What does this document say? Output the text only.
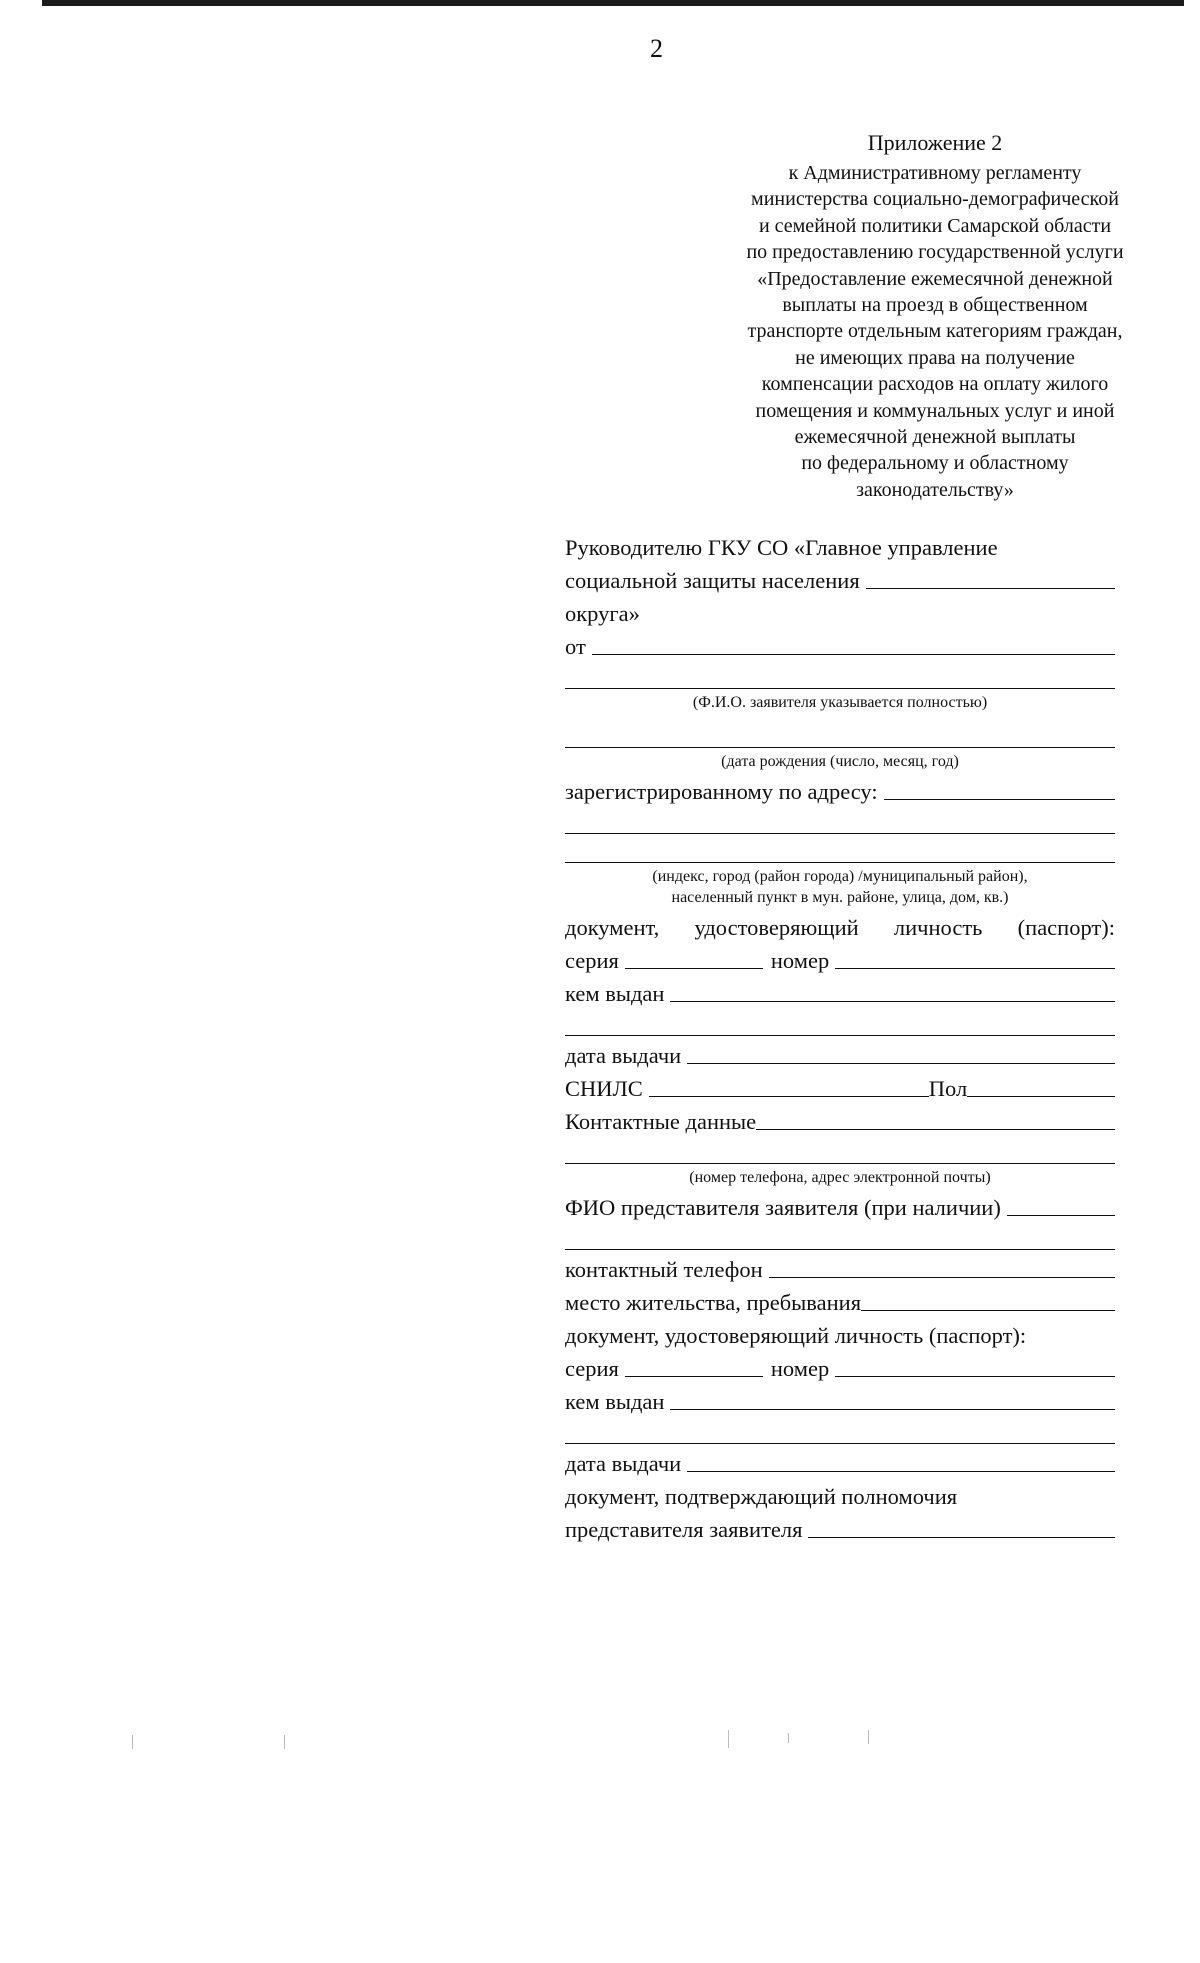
2
Приложение 2
к Административному регламенту
министерства социально-демографической
и семейной политики Самарской области
по предоставлению государственной услуги
«Предоставление ежемесячной денежной
выплаты на проезд в общественном
транспорте отдельным категориям граждан,
не имеющих права на получение
компенсации расходов на оплату жилого
помещения и коммунальных услуг и иной
ежемесячной денежной выплаты
по федеральному и областному
законодательству»
Руководителю ГКУ СО «Главное управление
социальной защиты населения
округа»
от
(Ф.И.О. заявителя указывается полностью)
(дата рождения (число, месяц, год)
зарегистрированному по адресу:
(индекс, город (район города) /муниципальный район),
населенный пункт в мун. районе, улица, дом, кв.)
документ, удостоверяющий личность (паспорт):
серия	номер
кем выдан
дата выдачи
СНИЛС	Пол
Контактные данные
(номер телефона, адрес электронной почты)
ФИО представителя заявителя (при наличии)
контактный телефон
место жительства, пребывания
документ, удостоверяющий личность (паспорт):
серия	номер
кем выдан
дата выдачи
документ, подтверждающий полномочия
представителя заявителя
